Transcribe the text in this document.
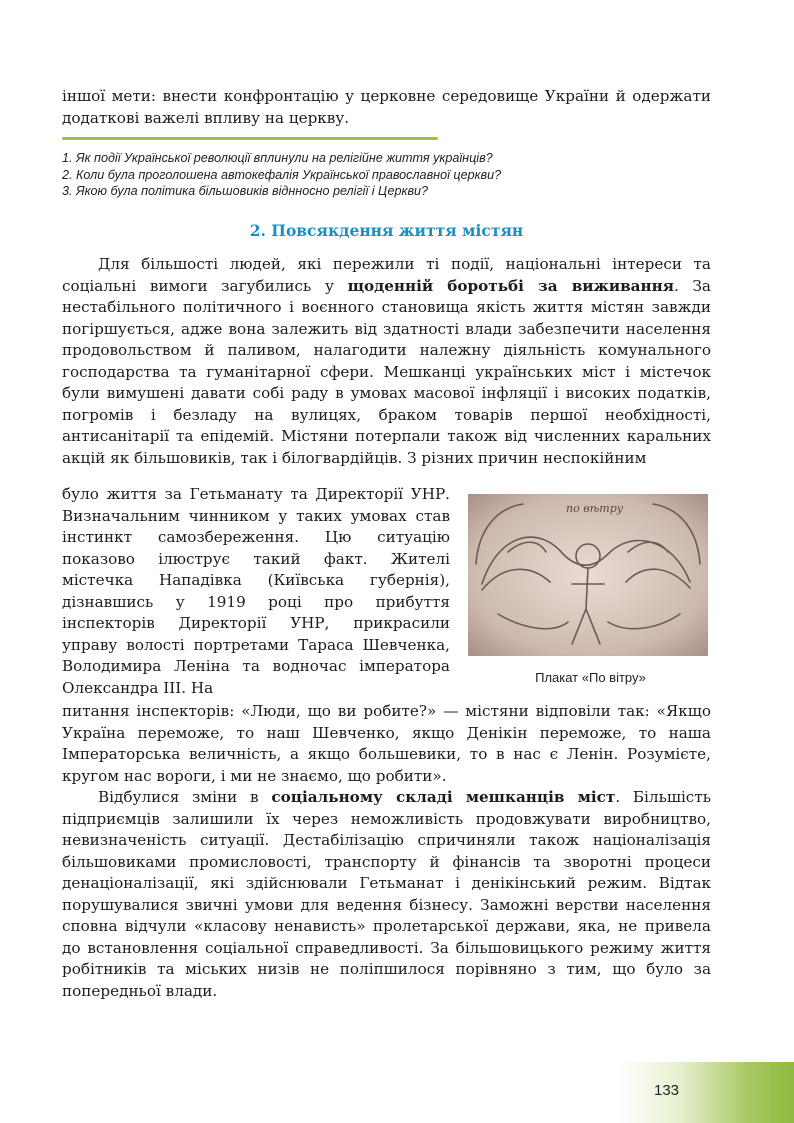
іншої мети: внести конфронтацію у церковне середовище України й одержати додаткові важелі впливу на церкву.

1. Як події Української революції вплинули на релігійне життя українців?
2. Коли була проголошена автокефалія Української православної церкви?
3. Якою була політика більшовиків віднносно релігії і Церкви?
2. Повсякдення життя містян

Для більшості людей, які пережили ті події, національні інтереси та соціальні вимоги загубились у щоденній боротьбі за виживання. За нестабільного політичного і воєнного становища якість життя містян завжди погіршується, адже вона залежить від здатності влади забезпечити населення продовольством й паливом, налагодити належну діяльність комунального господарства та гуманітарної сфери. Мешканці українських міст і містечок були вимушені давати собі раду в умовах масової інфляції і високих податків, погромів і безладу на вулицях, браком товарів першої необхідності, антисанітарії та епідемій. Містяни потерпали також від численних каральних акцій як більшовиків, так і білогвардійців. З різних причин неспокійним

було життя за Гетьманату та Директорії УНР. Визначальним чинником у таких умовах став інстинкт самозбереження. Цю ситуацію показово ілюструє такий факт. Жителі містечка Нападівка (Київська губернія), дізнавшись у 1919 році про прибуття інспекторів Директорії УНР, прикрасили управу волості портретами Тараса Шевченка, Володимира Леніна та водночас імператора Олександра III. На

по вѣтру
Плакат «По вітру»

питання інспекторів: «Люди, що ви робите?» — містяни відповіли так: «Якщо Україна переможе, то наш Шевченко, якщо Денікін переможе, то наша Імператорська величність, а якщо большевики, то в нас є Ленін. Розумієте, кругом нас вороги, і ми не знаємо, що робити».

Відбулися зміни в соціальному складі мешканців міст. Більшість підприємців залишили їх через неможливість продовжувати виробництво, невизначеність ситуації. Дестабілізацію спричиняли також націоналізація більшовиками промисловості, транспорту й фінансів та зворотні процеси денаціоналізації, які здійснювали Гетьманат і денікінський режим. Відтак порушувалися звичні умови для ведення бізнесу. Заможні верстви населення сповна відчули «класову ненависть» пролетарської держави, яка, не привела до встановлення соціальної справедливості. За більшовицького режиму життя робітників та міських низів не поліпшилося порівняно з тим, що було за попередньої влади.

133
